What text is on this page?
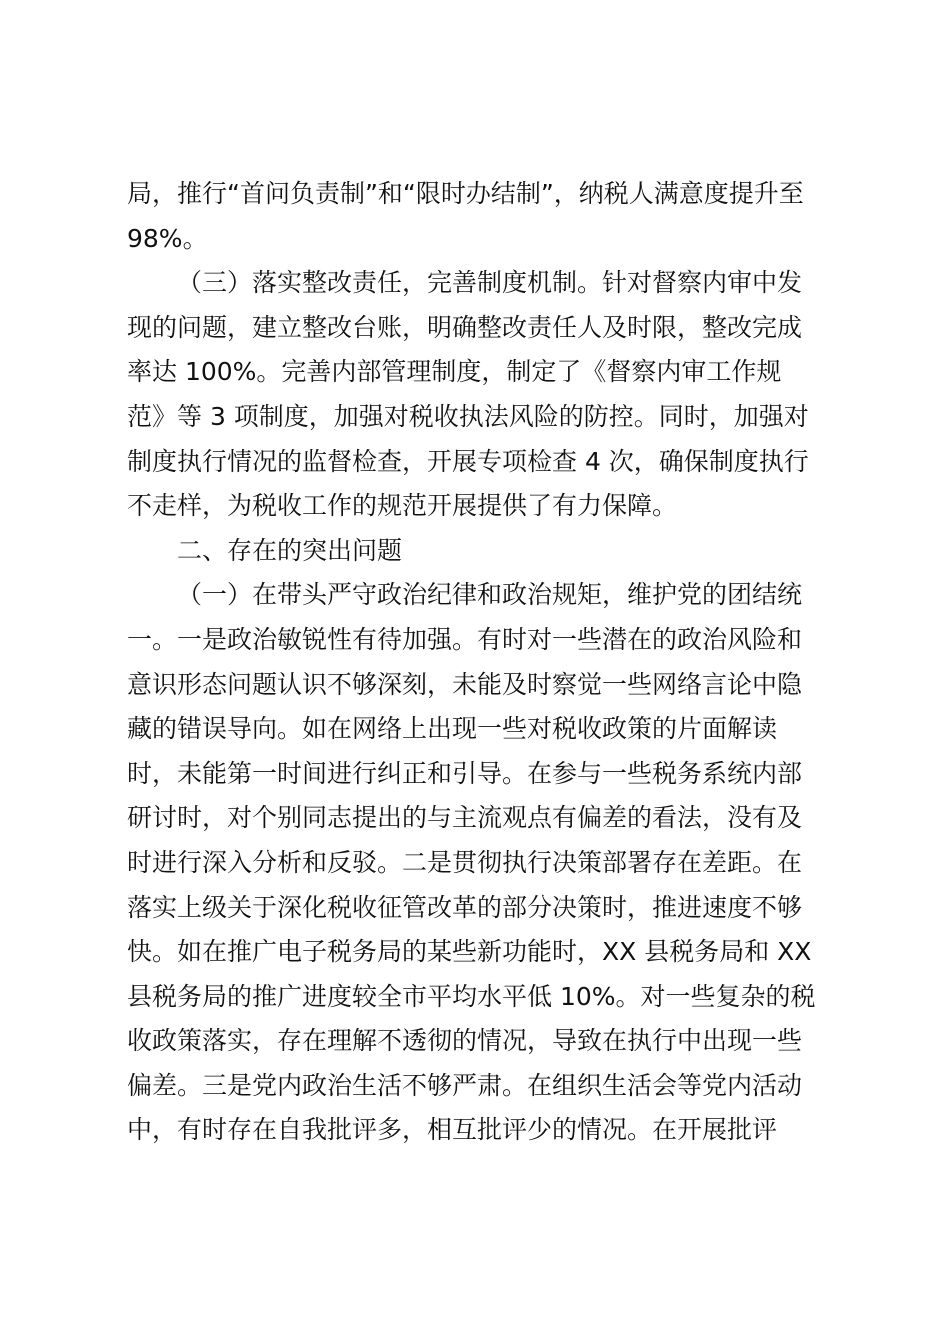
局，推行“首问负责制”和“限时办结制”，纳税人满意度提升至
98%。
（三）落实整改责任，完善制度机制。针对督察内审中发
现的问题，建立整改台账，明确整改责任人及时限，整改完成
率达 100%。完善内部管理制度，制定了《督察内审工作规
范》等 3 项制度，加强对税收执法风险的防控。同时，加强对
制度执行情况的监督检查，开展专项检查 4 次，确保制度执行
不走样，为税收工作的规范开展提供了有力保障。
二、存在的突出问题
（一）在带头严守政治纪律和政治规矩，维护党的团结统
一。一是政治敏锐性有待加强。有时对一些潜在的政治风险和
意识形态问题认识不够深刻，未能及时察觉一些网络言论中隐
藏的错误导向。如在网络上出现一些对税收政策的片面解读
时，未能第一时间进行纠正和引导。在参与一些税务系统内部
研讨时，对个别同志提出的与主流观点有偏差的看法，没有及
时进行深入分析和反驳。二是贯彻执行决策部署存在差距。在
落实上级关于深化税收征管改革的部分决策时，推进速度不够
快。如在推广电子税务局的某些新功能时，XX 县税务局和 XX
县税务局的推广进度较全市平均水平低 10%。对一些复杂的税
收政策落实，存在理解不透彻的情况，导致在执行中出现一些
偏差。三是党内政治生活不够严肃。在组织生活会等党内活动
中，有时存在自我批评多，相互批评少的情况。在开展批评
